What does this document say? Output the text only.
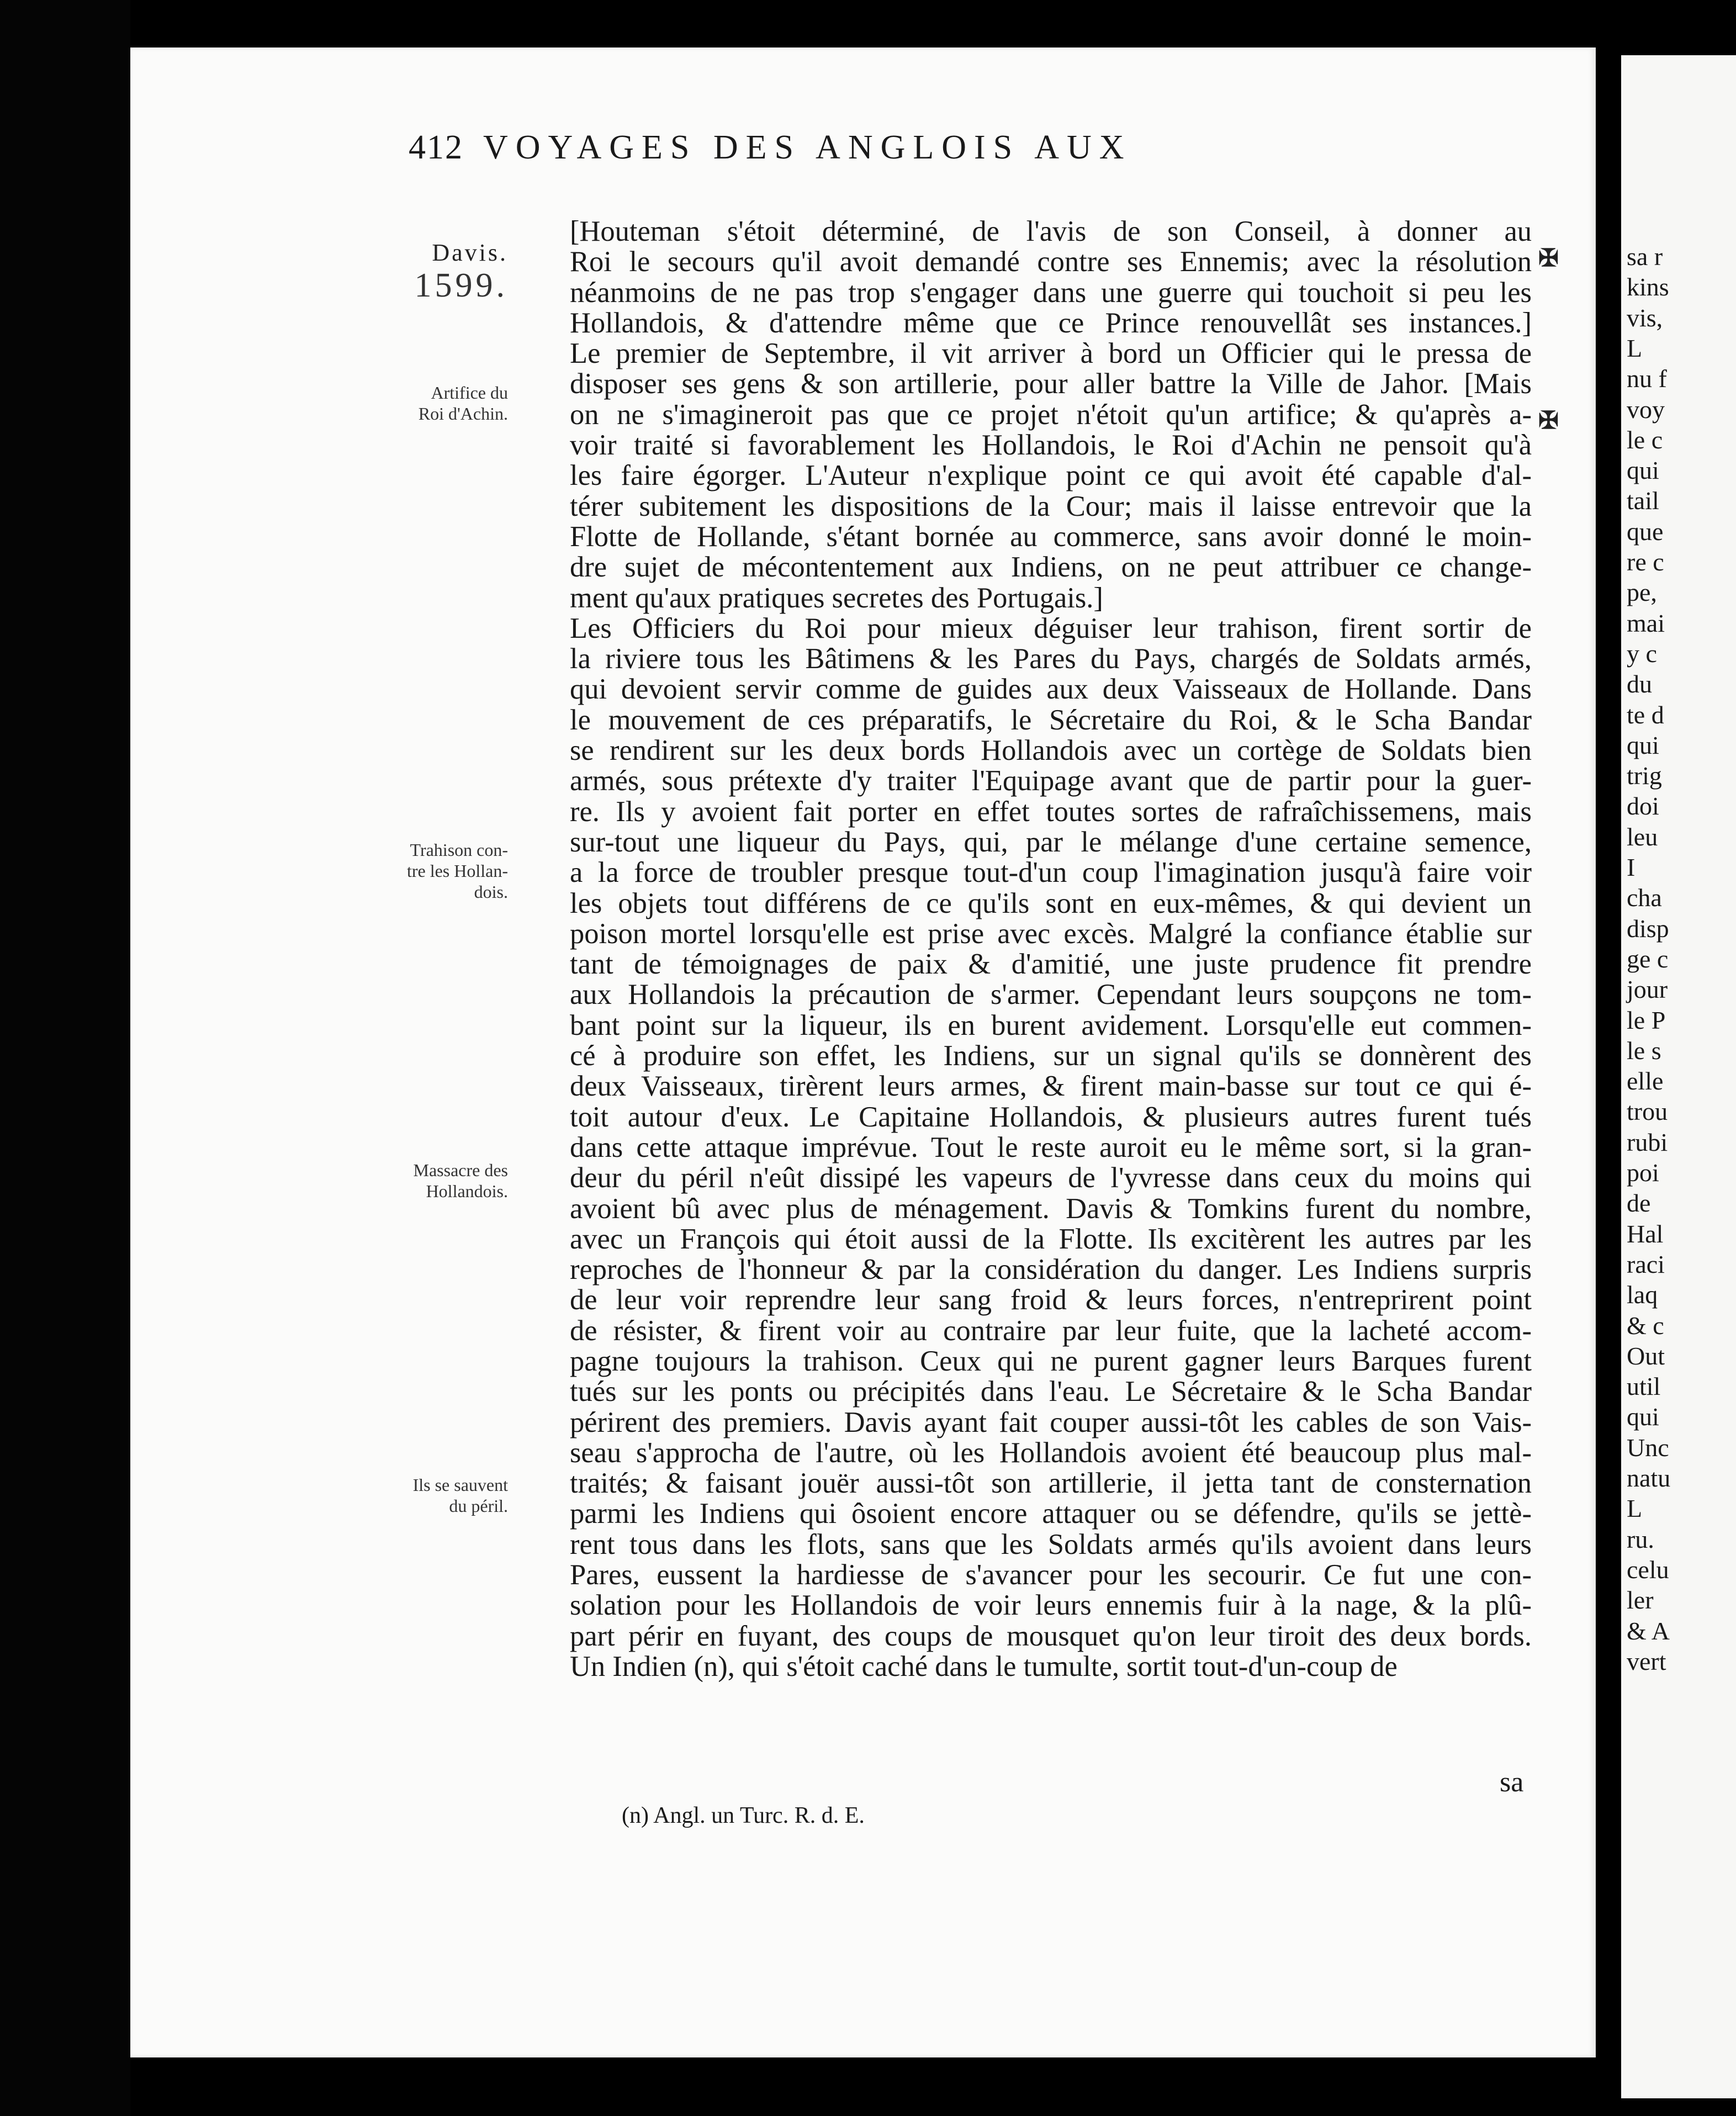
412 VOYAGES DES ANGLOIS AUX
Davis.
1599.
Artifice du
Roi d'Achin.
Trahison con-
tre les Hollan-
dois.
Massacre des
Hollandois.
Ils se sauvent
du péril.
✠
✠

[Houteman s'étoit déterminé, de l'avis de son Conseil, à donner au
Roi le secours qu'il avoit demandé contre ses Ennemis; avec la résolution
néanmoins de ne pas trop s'engager dans une guerre qui touchoit si peu les
Hollandois, & d'attendre même que ce Prince renouvellât ses instances.]
Le premier de Septembre, il vit arriver à bord un Officier qui le pressa de
disposer ses gens & son artillerie, pour aller battre la Ville de Jahor. [Mais
on ne s'imagineroit pas que ce projet n'étoit qu'un artifice; & qu'après a-
voir traité si favorablement les Hollandois, le Roi d'Achin ne pensoit qu'à
les faire égorger. L'Auteur n'explique point ce qui avoit été capable d'al-
térer subitement les dispositions de la Cour; mais il laisse entrevoir que la
Flotte de Hollande, s'étant bornée au commerce, sans avoir donné le moin-
dre sujet de mécontentement aux Indiens, on ne peut attribuer ce change-
ment qu'aux pratiques secretes des Portugais.]

Les Officiers du Roi pour mieux déguiser leur trahison, firent sortir de
la riviere tous les Bâtimens & les Pares du Pays, chargés de Soldats armés,
qui devoient servir comme de guides aux deux Vaisseaux de Hollande. Dans
le mouvement de ces préparatifs, le Sécretaire du Roi, & le Scha Bandar
se rendirent sur les deux bords Hollandois avec un cortège de Soldats bien
armés, sous prétexte d'y traiter l'Equipage avant que de partir pour la guer-
re. Ils y avoient fait porter en effet toutes sortes de rafraîchissemens, mais
sur-tout une liqueur du Pays, qui, par le mélange d'une certaine semence,
a la force de troubler presque tout-d'un coup l'imagination jusqu'à faire voir
les objets tout différens de ce qu'ils sont en eux-mêmes, & qui devient un
poison mortel lorsqu'elle est prise avec excès. Malgré la confiance établie sur
tant de témoignages de paix & d'amitié, une juste prudence fit prendre
aux Hollandois la précaution de s'armer. Cependant leurs soupçons ne tom-
bant point sur la liqueur, ils en burent avidement. Lorsqu'elle eut commen-
cé à produire son effet, les Indiens, sur un signal qu'ils se donnèrent des
deux Vaisseaux, tirèrent leurs armes, & firent main-basse sur tout ce qui é-
toit autour d'eux. Le Capitaine Hollandois, & plusieurs autres furent tués
dans cette attaque imprévue. Tout le reste auroit eu le même sort, si la gran-
deur du péril n'eût dissipé les vapeurs de l'yvresse dans ceux du moins qui
avoient bû avec plus de ménagement. Davis & Tomkins furent du nombre,
avec un François qui étoit aussi de la Flotte. Ils excitèrent les autres par les
reproches de l'honneur & par la considération du danger. Les Indiens surpris
de leur voir reprendre leur sang froid & leurs forces, n'entreprirent point
de résister, & firent voir au contraire par leur fuite, que la lacheté accom-
pagne toujours la trahison. Ceux qui ne purent gagner leurs Barques furent
tués sur les ponts ou précipités dans l'eau. Le Sécretaire & le Scha Bandar
périrent des premiers. Davis ayant fait couper aussi-tôt les cables de son Vais-
seau s'approcha de l'autre, où les Hollandois avoient été beaucoup plus mal-
traités; & faisant jouër aussi-tôt son artillerie, il jetta tant de consternation
parmi les Indiens qui ôsoient encore attaquer ou se défendre, qu'ils se jettè-
rent tous dans les flots, sans que les Soldats armés qu'ils avoient dans leurs
Pares, eussent la hardiesse de s'avancer pour les secourir. Ce fut une con-
solation pour les Hollandois de voir leurs ennemis fuir à la nage, & la plû-
part périr en fuyant, des coups de mousquet qu'on leur tiroit des deux bords.
Un Indien (n), qui s'étoit caché dans le tumulte, sortit tout-d'un-coup de

sa
(n) Angl. un Turc. R. d. E.
sa r
kins
vis,
L
nu f
voy
le c
qui
tail
que
re c
pe,
mai
y c
du
te d
qui
trig
doi
leu
I
cha
disp
ge c
jour
le P
le s
elle
trou
rubi
poi
de
Hal
raci
laq
& c
Out
util
qui
Unc
natu
L
ru.
celu
ler
& A
vert
